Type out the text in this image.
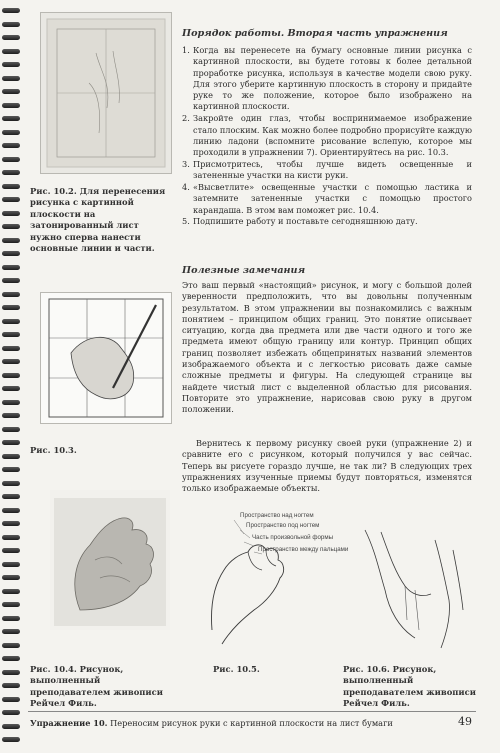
Рис. 10.2. Для перенесения рисунка с картинной плоскости на затонированный лист нужно сперва нанести основные линии и части.
Рис. 10.3.
Рис. 10.4. Рисунок, выполненный преподавателем живописи Рейчел Филь.
Пространство над ногтем
Пространство под ногтем
Часть произвольной формы
Пространство между пальцами
Рис. 10.5.	Рис. 10.6. Рисунок, выполненный преподавателем живописи Рейчел Филь.
Порядок работы. Вторая часть упражнения
1. Когда вы перенесете на бумагу основные линии рисунка с картинной плоскости, вы будете готовы к более детальной проработке рисунка, используя в качестве модели свою руку. Для этого уберите картинную плоскость в сторону и придайте руке то же положение, которое было изображено на картинной плоскости.
2. Закройте один глаз, чтобы воспринимаемое изображение стало плоским. Как можно более подробно прорисуйте каждую линию ладони (вспомните рисование вслепую, которое мы проходили в упражнении 7). Ориентируйтесь на рис. 10.3.
3. Присмотритесь, чтобы лучше видеть освещенные и затененные участки на кисти руки.
4. «Высветлите» освещенные участки с помощью ластика и затемните затененные участки с помощью простого карандаша. В этом вам поможет рис. 10.4.
5. Подпишите работу и поставьте сегодняшнюю дату.
Полезные замечания

Это ваш первый «настоящий» рисунок, и могу с большой долей уверенности предположить, что вы довольны полученным результатом. В этом упражнении вы познакомились с важным понятием – принципом общих границ. Это понятие описывает ситуацию, когда два предмета или две части одного и того же предмета имеют общую границу или контур. Принцип общих границ позволяет избежать общепринятых названий элементов изображаемого объекта и с легкостью рисовать даже самые сложные предметы и фигуры. На следующей странице вы найдете чистый лист с выделенной областью для рисования. Повторите это упражнение, нарисовав свою руку в другом положении.

Вернитесь к первому рисунку своей руки (упражнение 2) и сравните его с рисунком, который получился у вас сейчас. Теперь вы рисуете гораздо лучше, не так ли? В следующих трех упражнениях изученные приемы будут повторяться, изменятся только изображаемые объекты.

Упражнение 10. Переносим рисунок руки с картинной плоскости на лист бумаги	49
